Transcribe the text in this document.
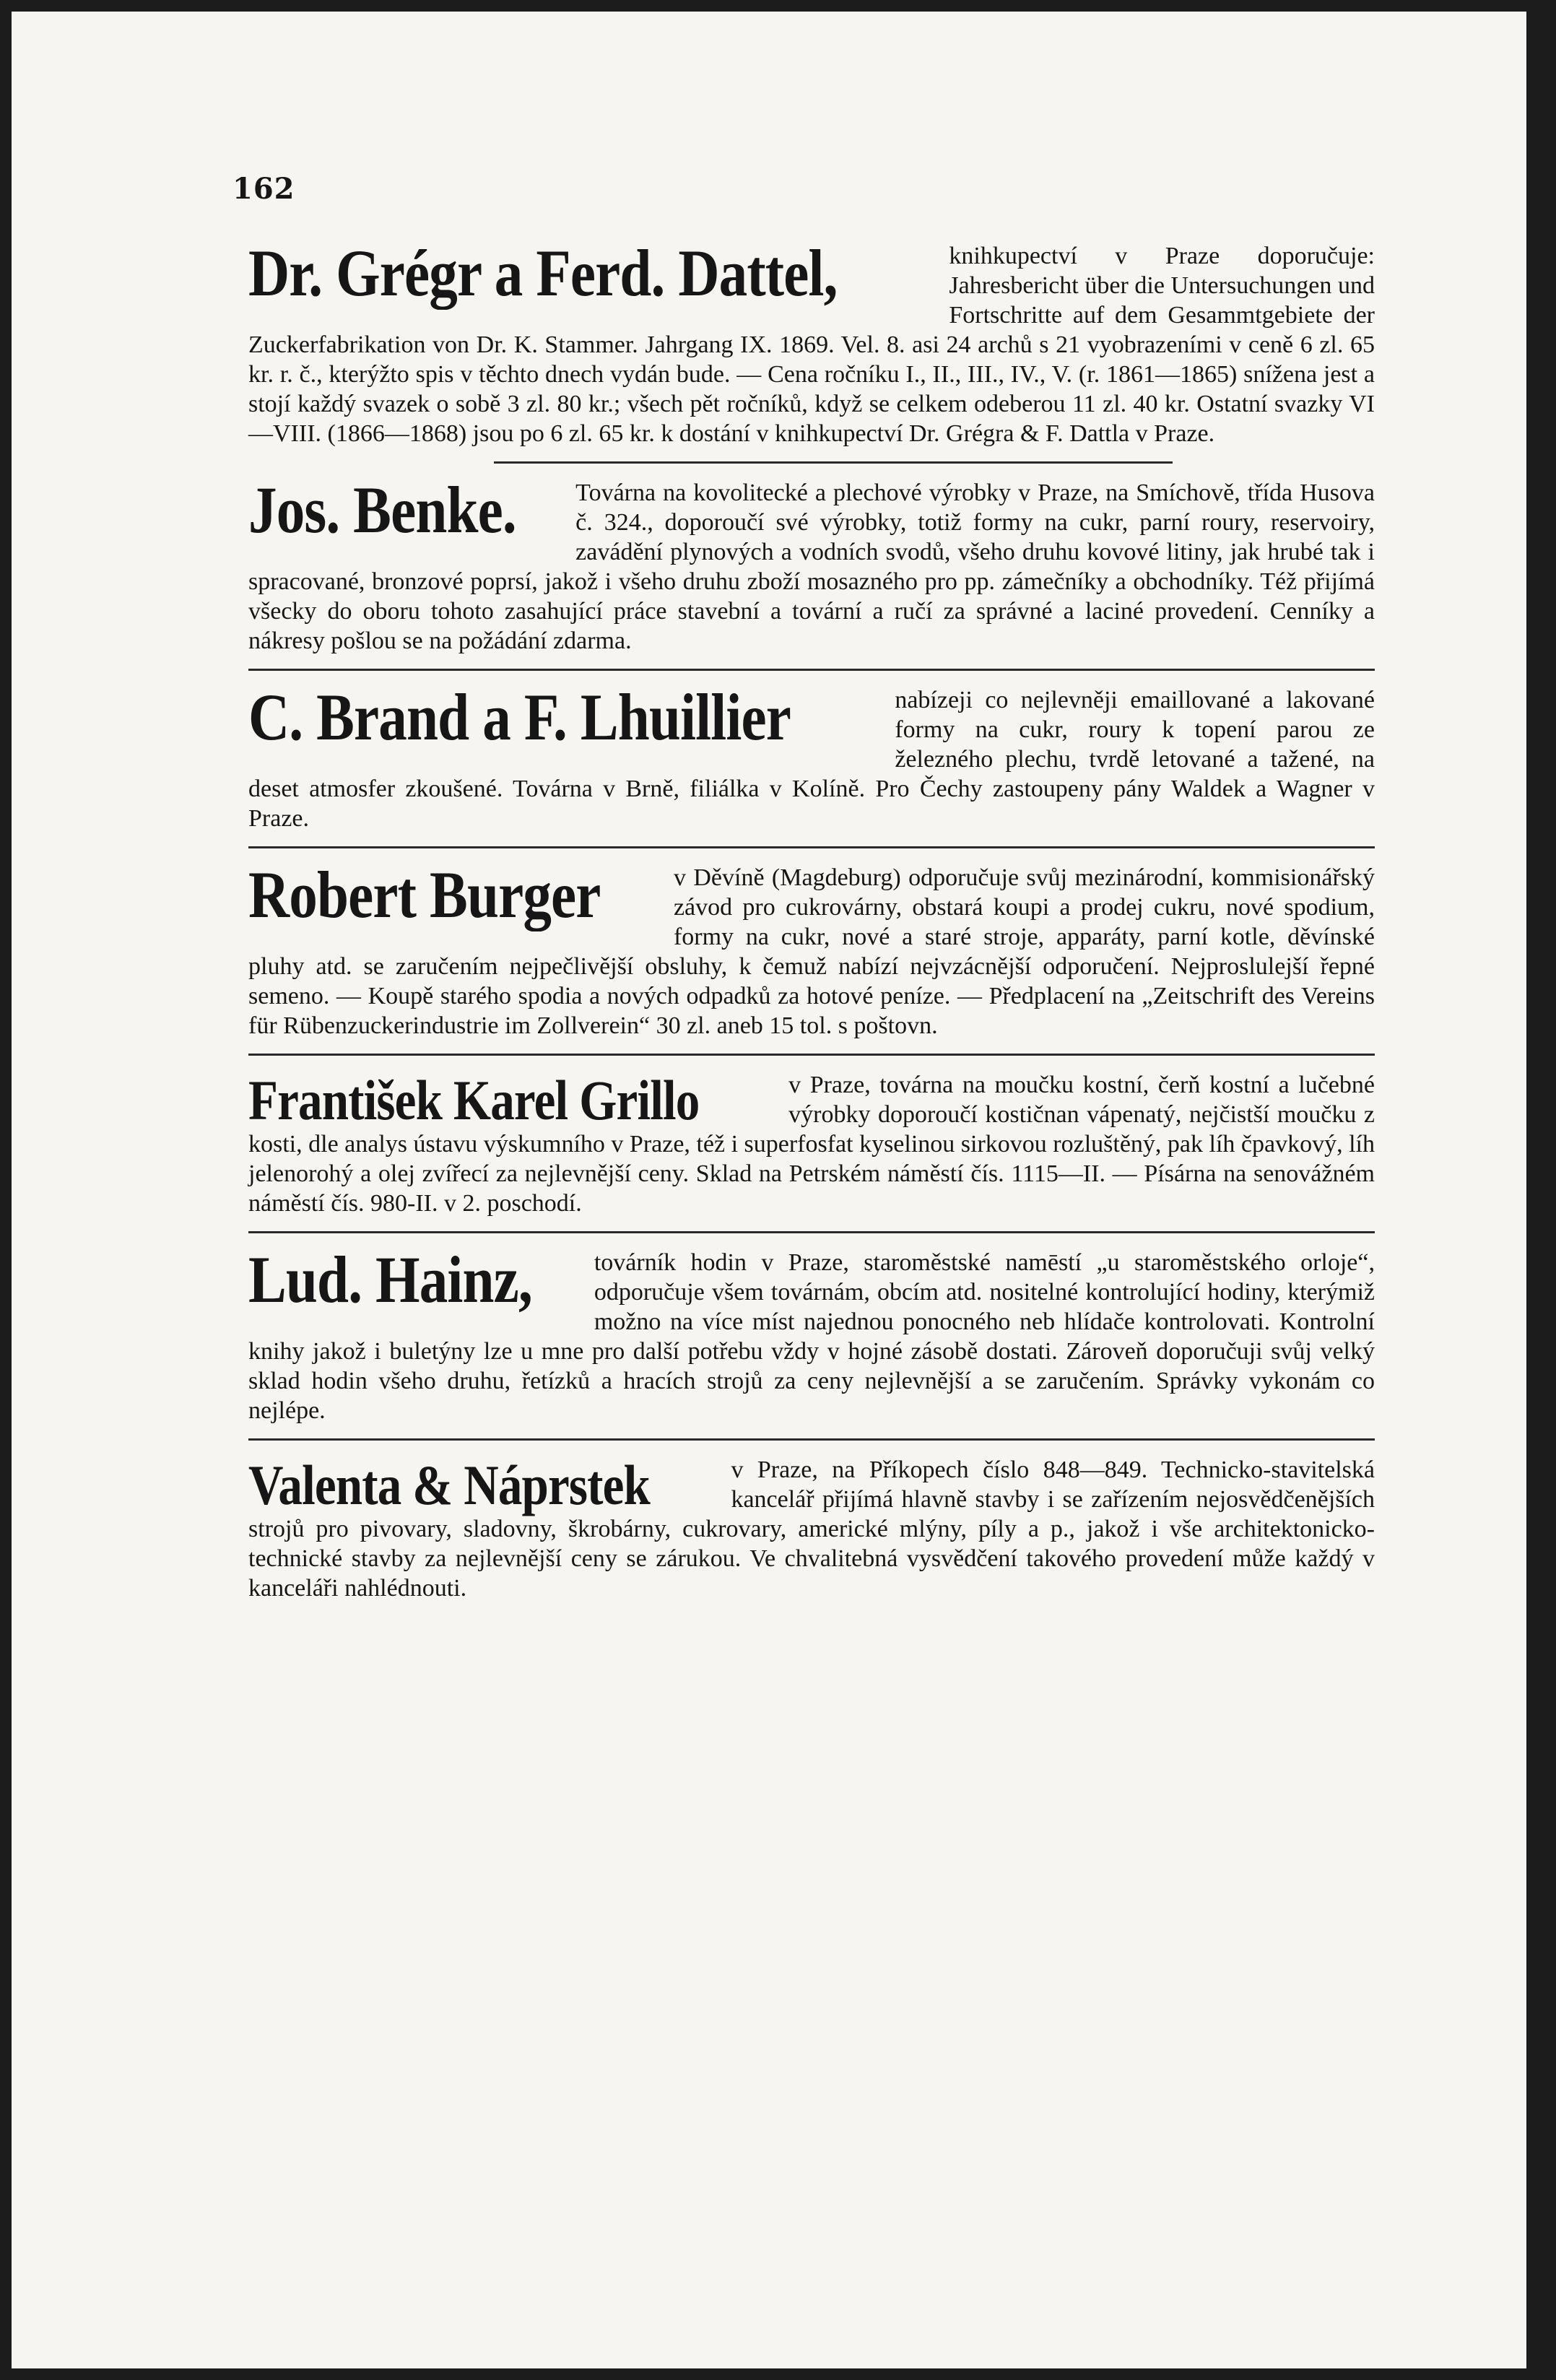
162
Dr. Grégr a Ferd. Dattel,	knihkupectví v Praze doporučuje: Jahresbericht über die Untersuchungen und Fortschritte auf dem Gesammtgebiete der Zuckerfabrikation von Dr. K. Stammer. Jahrgang IX. 1869. Vel. 8. asi 24 archů s 21 vyobrazeními v ceně 6 zl. 65 kr. r. č., kterýžto spis v těchto dnech vydán bude. — Cena ročníku I., II., III., IV., V. (r. 1861—1865) snížena jest a stojí každý svazek o sobě 3 zl. 80 kr.; všech pět ročníků, když se celkem odeberou 11 zl. 40 kr. Ostatní svazky VI—VIII. (1866—1868) jsou po 6 zl. 65 kr. k dostání v knihkupectví Dr. Grégra & F. Dattla v Praze.
Jos. Benke. Továrna na kovolitecké a plechové výrobky v Praze, na Smíchově, třída Husova č. 324., doporoučí své výrobky, totiž formy na cukr, parní roury, reservoiry, zavádění plynových a vodních svodů, všeho druhu kovové litiny, jak hrubé tak i spracované, bronzové poprsí, jakož i všeho druhu zboží mosazného pro pp. zámečníky a obchodníky. Též přijímá všecky do oboru tohoto zasahující práce stavební a tovární a ručí za správné a laciné provedení. Cenníky a nákresy pošlou se na požádání zdarma.
C. Brand a F. Lhuillier	nabízeji co nejlevněji emaillované a lakované formy na cukr, roury k topení parou ze železného plechu, tvrdě letované a tažené, na deset atmosfer zkoušené. Továrna v Brně, filiálka v Kolíně. Pro Čechy zastoupeny pány Waldek a Wagner v Praze.
Robert Burger	v Děvíně (Magdeburg) odporučuje svůj mezinárodní, kommisionářský závod pro cukrovárny, obstará koupi a prodej cukru, nové spodium, formy na cukr, nové a staré stroje, apparáty, parní kotle, děvínské pluhy atd. se zaručením nejpečlivější obsluhy, k čemuž nabízí nejvzácnější odporučení. Nejproslulejší řepné semeno. — Koupě starého spodia a nových odpadků za hotové peníze. — Předplacení na „Zeitschrift des Vereins für Rübenzuckerindustrie im Zollverein“ 30 zl. aneb 15 tol. s poštovn.
František Karel Grillo	v Praze, továrna na moučku kostní, čerň kostní a lučebné výrobky doporoučí kostičnan vápenatý, nejčistší moučku z kosti, dle analys ústavu výskumního v Praze, též i superfosfat kyselinou sirkovou rozluštěný, pak líh čpavkový, líh jelenorohý a olej zvířecí za nejlevnější ceny. Sklad na Petrském náměstí čís. 1115—II. — Písárna na senovážném náměstí čís. 980-II. v 2. poschodí.
Lud. Hainz,	továrník hodin v Praze, staroměstské namēstí „u staroměstského orloje“, odporučuje všem továrnám, obcím atd. nositelné kontrolující hodiny, kterýmiž možno na více míst najednou ponocného neb hlídače kontrolovati. Kontrolní knihy jakož i buletýny lze u mne pro další potřebu vždy v hojné zásobě dostati. Zároveň doporučuji svůj velký sklad hodin všeho druhu, řetízků a hracích strojů za ceny nejlevnější a se zaručením. Správky vykonám co nejlépe.
Valenta & Náprstek	v Praze, na Příkopech číslo 848—849. Technicko-stavitelská kancelář přijímá hlavně stavby i se zařízením nejosvědčenějších strojů pro pivovary, sladovny, škrobárny, cukrovary, americké mlýny, píly a p., jakož i vše architektonicko-technické stavby za nejlevnější ceny se zárukou. Ve chvalitebná vysvědčení takového provedení může každý v kanceláři nahlédnouti.
